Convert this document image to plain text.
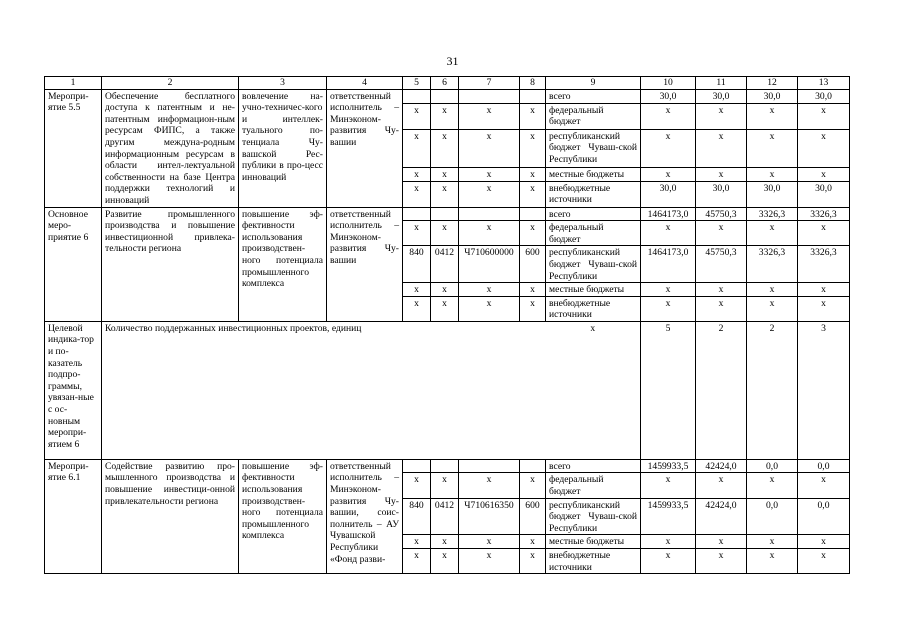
31
1	2	3	4	5	6	7	8	9	10	11	12	13
Меропри-ятие 5.5	Обеспечение бесплатного доступа к патентным и не-патентным информацион-ным ресурсам ФИПС, а также другим междуна-родным информационным ресурсам в области интел-лектуальной собственности на базе Центра поддержки технологий и инноваций	вовлечение на-учно-техничес-кого и интеллек-туального по-тенциала Чу-вашской Рес-публики в про-цесс инноваций	ответственный исполнитель – Минэконом-развития Чу-вашии					всего	30,0	30,0	30,0	30,0
				х	х	х	х	федеральный бюджет	х	х	х	х
				х	х	х	х	республиканский бюджет Чуваш-ской Республики	х	х	х	х
				х	х	х	х	местные бюджеты	х	х	х	х
				х	х	х	х	внебюджетные источники	30,0	30,0	30,0	30,0
Основное меро-приятие 6	Развитие промышленного производства и повышение инвестиционной привлека-тельности региона	повышение эф-фективности использования производствен-ного потенциала промышленного комплекса	ответственный исполнитель – Минэконом-развития Чу-вашии					всего	1464173,0	45750,3	3326,3	3326,3
				х	х	х	х	федеральный бюджет	х	х	х	х
				840	0412	Ч710600000	600	республиканский бюджет Чуваш-ской Республики	1464173,0	45750,3	3326,3	3326,3
				х	х	х	х	местные бюджеты	х	х	х	х
				х	х	х	х	внебюджетные источники	х	х	х	х
Целевой индика-тор и по-казатель подпро-граммы, увязан-ные с ос-новным меропри-ятием 6	Количество поддержанных инвестиционных проектов, единиц							х	5	2	2	3
Меропри-ятие 6.1	Содействие развитию про-мышленного производства и повышение инвестици-онной привлекательности региона	повышение эф-фективности использования производствен-ного потенциала промышленного комплекса	ответственный исполнитель – Минэконом-развития Чу-вашии, соис-полнитель – АУ Чувашской Республики «Фонд разви-					всего	1459933,5	42424,0	0,0	0,0
				х	х	х	х	федеральный бюджет	х	х	х	х
				840	0412	Ч710616350	600	республиканский бюджет Чуваш-ской Республики	1459933,5	42424,0	0,0	0,0
				х	х	х	х	местные бюджеты	х	х	х	х
				х	х	х	х	внебюджетные источники	х	х	х	х
